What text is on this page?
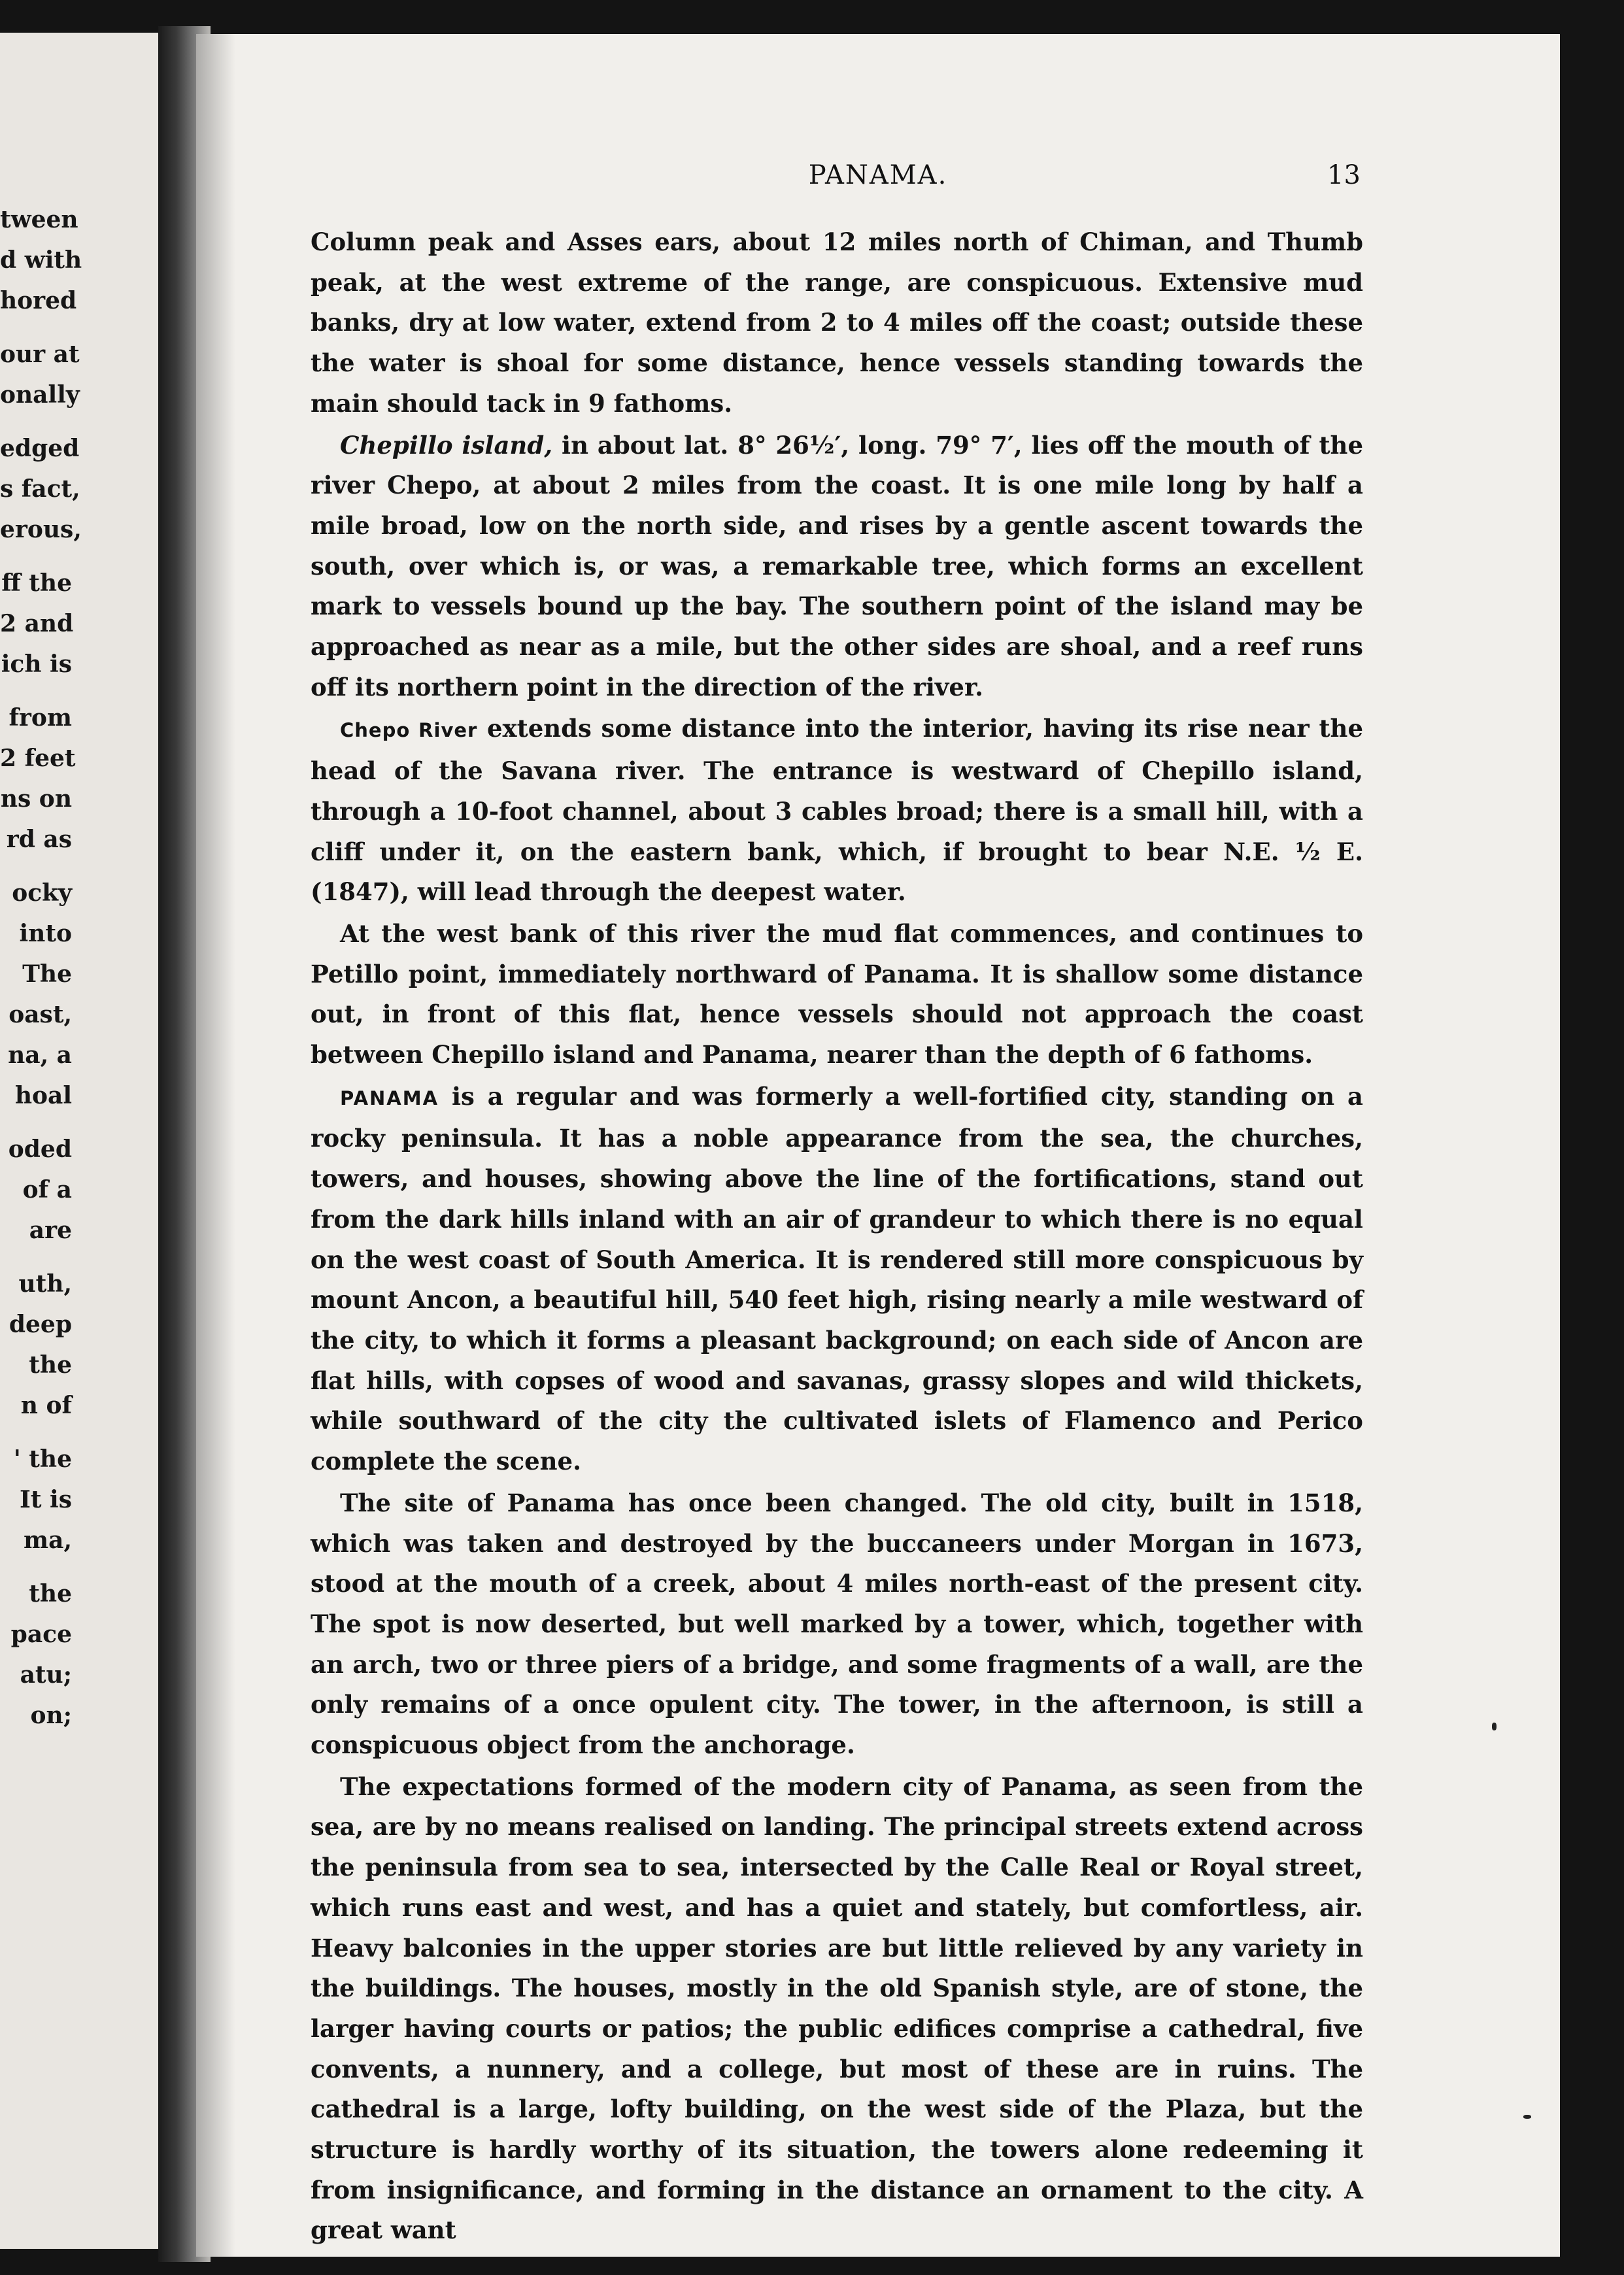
tween
d with
hored
our at
onally
edged
s fact,
erous,
ff the
2 and
ich is
from
2 feet
ns on
rd as
ocky
into
The
oast,
na, a
hoal
oded
of a
are
uth,
deep
the
n of
' the
It is
ma,
the
pace
atu;
on;
PANAMA.	13

Column peak and Asses ears, about 12 miles north of Chiman, and Thumb peak, at the west extreme of the range, are conspicuous. Extensive mud banks, dry at low water, extend from 2 to 4 miles off the coast; outside these the water is shoal for some distance, hence vessels standing towards the main should tack in 9 fathoms.

Chepillo island, in about lat. 8° 26½′, long. 79° 7′, lies off the mouth of the river Chepo, at about 2 miles from the coast. It is one mile long by half a mile broad, low on the north side, and rises by a gentle ascent towards the south, over which is, or was, a remarkable tree, which forms an excellent mark to vessels bound up the bay. The southern point of the island may be approached as near as a mile, but the other sides are shoal, and a reef runs off its northern point in the direction of the river.

Chepo River extends some distance into the interior, having its rise near the head of the Savana river. The entrance is westward of Chepillo island, through a 10-foot channel, about 3 cables broad; there is a small hill, with a cliff under it, on the eastern bank, which, if brought to bear N.E. ½ E. (1847), will lead through the deepest water.

At the west bank of this river the mud flat commences, and continues to Petillo point, immediately northward of Panama. It is shallow some distance out, in front of this flat, hence vessels should not approach the coast between Chepillo island and Panama, nearer than the depth of 6 fathoms.

PANAMA is a regular and was formerly a well-fortified city, standing on a rocky peninsula. It has a noble appearance from the sea, the churches, towers, and houses, showing above the line of the fortifications, stand out from the dark hills inland with an air of grandeur to which there is no equal on the west coast of South America. It is rendered still more conspicuous by mount Ancon, a beautiful hill, 540 feet high, rising nearly a mile westward of the city, to which it forms a pleasant background; on each side of Ancon are flat hills, with copses of wood and savanas, grassy slopes and wild thickets, while southward of the city the cultivated islets of Flamenco and Perico complete the scene.

The site of Panama has once been changed. The old city, built in 1518, which was taken and destroyed by the buccaneers under Morgan in 1673, stood at the mouth of a creek, about 4 miles north-east of the present city. The spot is now deserted, but well marked by a tower, which, together with an arch, two or three piers of a bridge, and some fragments of a wall, are the only remains of a once opulent city. The tower, in the afternoon, is still a conspicuous object from the anchorage.

The expectations formed of the modern city of Panama, as seen from the sea, are by no means realised on landing. The principal streets extend across the peninsula from sea to sea, intersected by the Calle Real or Royal street, which runs east and west, and has a quiet and stately, but comfortless, air. Heavy balconies in the upper stories are but little relieved by any variety in the buildings. The houses, mostly in the old Spanish style, are of stone, the larger having courts or patios; the public edifices comprise a cathedral, five convents, a nunnery, and a college, but most of these are in ruins. The cathedral is a large, lofty building, on the west side of the Plaza, but the structure is hardly worthy of its situation, the towers alone redeeming it from insignificance, and forming in the distance an ornament to the city. A great want
